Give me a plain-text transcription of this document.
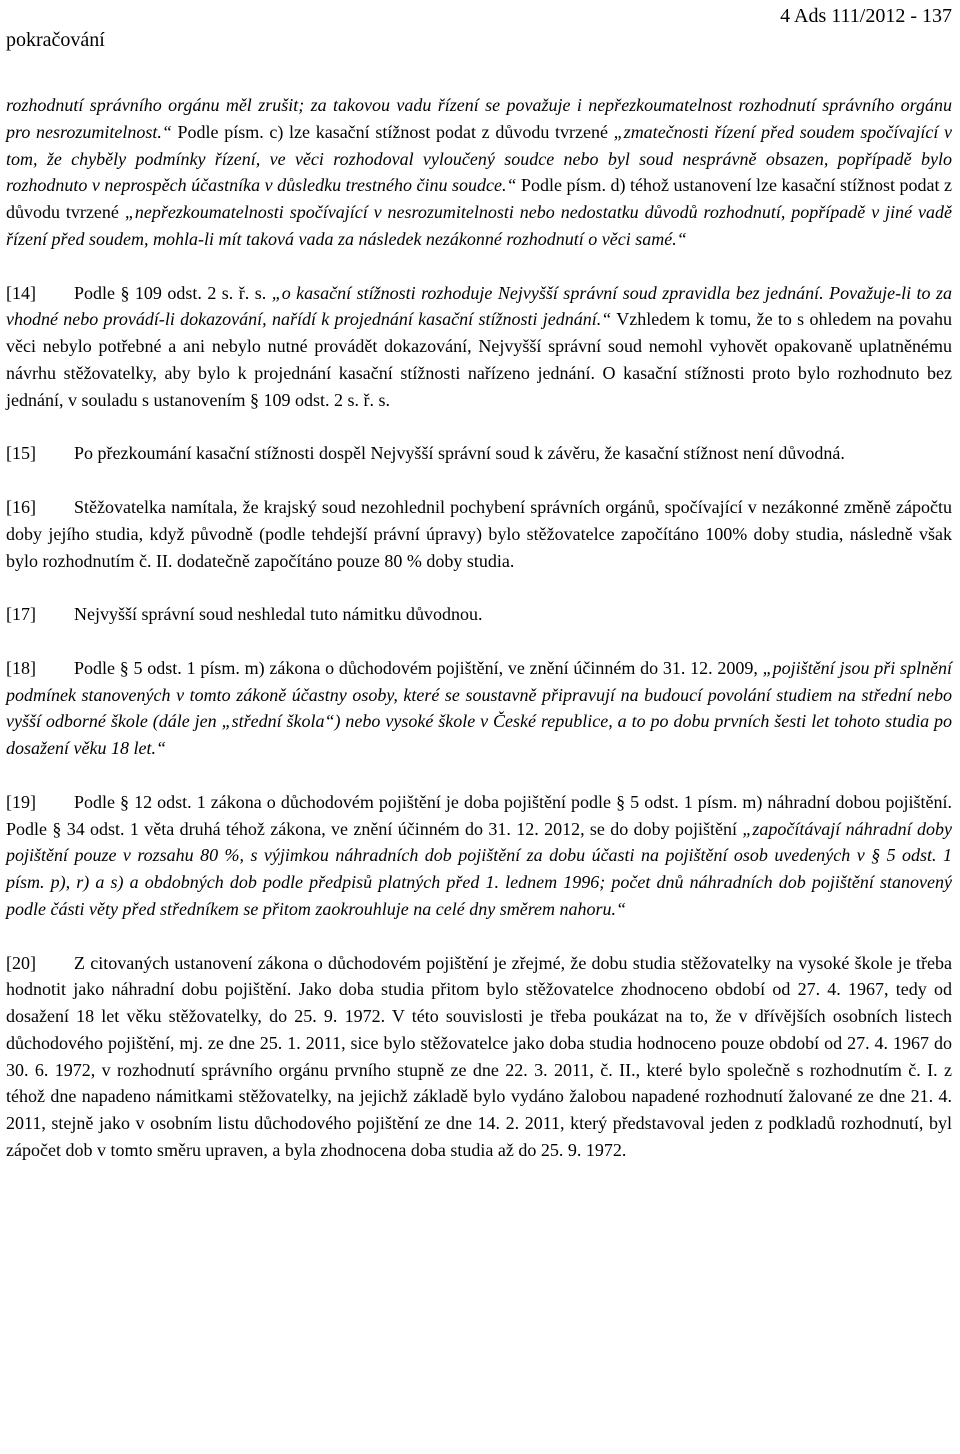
pokračování
4 Ads 111/2012 - 137

rozhodnutí správního orgánu měl zrušit; za takovou vadu řízení se považuje i nepřezkoumatelnost rozhodnutí správního orgánu pro nesrozumitelnost.“ Podle písm. c) lze kasační stížnost podat z důvodu tvrzené „zmatečnosti řízení před soudem spočívající v tom, že chyběly podmínky řízení, ve věci rozhodoval vyloučený soudce nebo byl soud nesprávně obsazen, popřípadě bylo rozhodnuto v neprospěch účastníka v důsledku trestného činu soudce.“ Podle písm. d) téhož ustanovení lze kasační stížnost podat z důvodu tvrzené „nepřezkoumatelnosti spočívající v nesrozumitelnosti nebo nedostatku důvodů rozhodnutí, popřípadě v jiné vadě řízení před soudem, mohla-li mít taková vada za následek nezákonné rozhodnutí o věci samé.“

[14] Podle § 109 odst. 2 s. ř. s. „o kasační stížnosti rozhoduje Nejvyšší správní soud zpravidla bez jednání. Považuje-li to za vhodné nebo provádí-li dokazování, nařídí k projednání kasační stížnosti jednání.“ Vzhledem k tomu, že to s ohledem na povahu věci nebylo potřebné a ani nebylo nutné provádět dokazování, Nejvyšší správní soud nemohl vyhovět opakovaně uplatněnému návrhu stěžovatelky, aby bylo k projednání kasační stížnosti nařízeno jednání. O kasační stížnosti proto bylo rozhodnuto bez jednání, v souladu s ustanovením § 109 odst. 2 s. ř. s.

[15] Po přezkoumání kasační stížnosti dospěl Nejvyšší správní soud k závěru, že kasační stížnost není důvodná.

[16] Stěžovatelka namítala, že krajský soud nezohlednil pochybení správních orgánů, spočívající v nezákonné změně zápočtu doby jejího studia, když původně (podle tehdejší právní úpravy) bylo stěžovatelce započítáno 100% doby studia, následně však bylo rozhodnutím č. II. dodatečně započítáno pouze 80 % doby studia.

[17] Nejvyšší správní soud neshledal tuto námitku důvodnou.

[18] Podle § 5 odst. 1 písm. m) zákona o důchodovém pojištění, ve znění účinném do 31. 12. 2009, „pojištění jsou při splnění podmínek stanovených v tomto zákoně účastny osoby, které se soustavně připravují na budoucí povolání studiem na střední nebo vyšší odborné škole (dále jen „střední škola“) nebo vysoké škole v České republice, a to po dobu prvních šesti let tohoto studia po dosažení věku 18 let.“

[19] Podle § 12 odst. 1 zákona o důchodovém pojištění je doba pojištění podle § 5 odst. 1 písm. m) náhradní dobou pojištění. Podle § 34 odst. 1 věta druhá téhož zákona, ve znění účinném do 31. 12. 2012, se do doby pojištění „započítávají náhradní doby pojištění pouze v rozsahu 80 %, s výjimkou náhradních dob pojištění za dobu účasti na pojištění osob uvedených v § 5 odst. 1 písm. p), r) a s) a obdobných dob podle předpisů platných před 1. lednem 1996; počet dnů náhradních dob pojištění stanovený podle části věty před středníkem se přitom zaokrouhluje na celé dny směrem nahoru.“

[20] Z citovaných ustanovení zákona o důchodovém pojištění je zřejmé, že dobu studia stěžovatelky na vysoké škole je třeba hodnotit jako náhradní dobu pojištění. Jako doba studia přitom bylo stěžovatelce zhodnoceno období od 27. 4. 1967, tedy od dosažení 18 let věku stěžovatelky, do 25. 9. 1972. V této souvislosti je třeba poukázat na to, že v dřívějších osobních listech důchodového pojištění, mj. ze dne 25. 1. 2011, sice bylo stěžovatelce jako doba studia hodnoceno pouze období od 27. 4. 1967 do 30. 6. 1972, v rozhodnutí správního orgánu prvního stupně ze dne 22. 3. 2011, č. II., které bylo společně s rozhodnutím č. I. z téhož dne napadeno námitkami stěžovatelky, na jejichž základě bylo vydáno žalobou napadené rozhodnutí žalované ze dne 21. 4. 2011, stejně jako v osobním listu důchodového pojištění ze dne 14. 2. 2011, který představoval jeden z podkladů rozhodnutí, byl zápočet dob v tomto směru upraven, a byla zhodnocena doba studia až do 25. 9. 1972.
